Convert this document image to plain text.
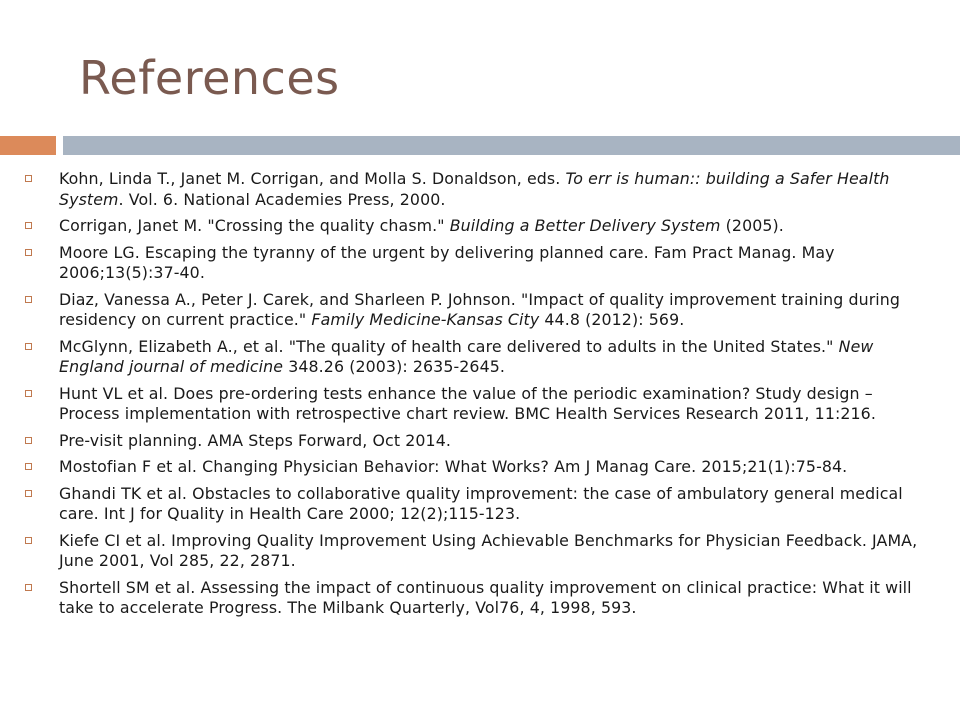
References
Kohn, Linda T., Janet M. Corrigan, and Molla S. Donaldson, eds. To err is human:: building a Safer Health System. Vol. 6. National Academies Press, 2000.
Corrigan, Janet M. "Crossing the quality chasm." Building a Better Delivery System (2005).
Moore LG. Escaping the tyranny of the urgent by delivering planned care. Fam Pract Manag. May 2006;13(5):37-40.
Diaz, Vanessa A., Peter J. Carek, and Sharleen P. Johnson. "Impact of quality improvement training during residency on current practice." Family Medicine-Kansas City 44.8 (2012): 569.
McGlynn, Elizabeth A., et al. "The quality of health care delivered to adults in the United States." New England journal of medicine 348.26 (2003): 2635-2645.
Hunt VL et al. Does pre-ordering tests enhance the value of the periodic examination? Study design – Process implementation with retrospective chart review. BMC Health Services Research 2011, 11:216.
Pre-visit planning. AMA Steps Forward, Oct 2014.
Mostofian F et al. Changing Physician Behavior: What Works? Am J Manag Care. 2015;21(1):75-84.
Ghandi TK et al. Obstacles to collaborative quality improvement: the case of ambulatory general medical care. Int J for Quality in Health Care 2000; 12(2);115-123.
Kiefe CI et al. Improving Quality Improvement Using Achievable Benchmarks for Physician Feedback. JAMA, June 2001, Vol 285, 22, 2871.
Shortell SM et al. Assessing the impact of continuous quality improvement on clinical practice: What it will take to accelerate Progress. The Milbank Quarterly, Vol76, 4, 1998, 593.
